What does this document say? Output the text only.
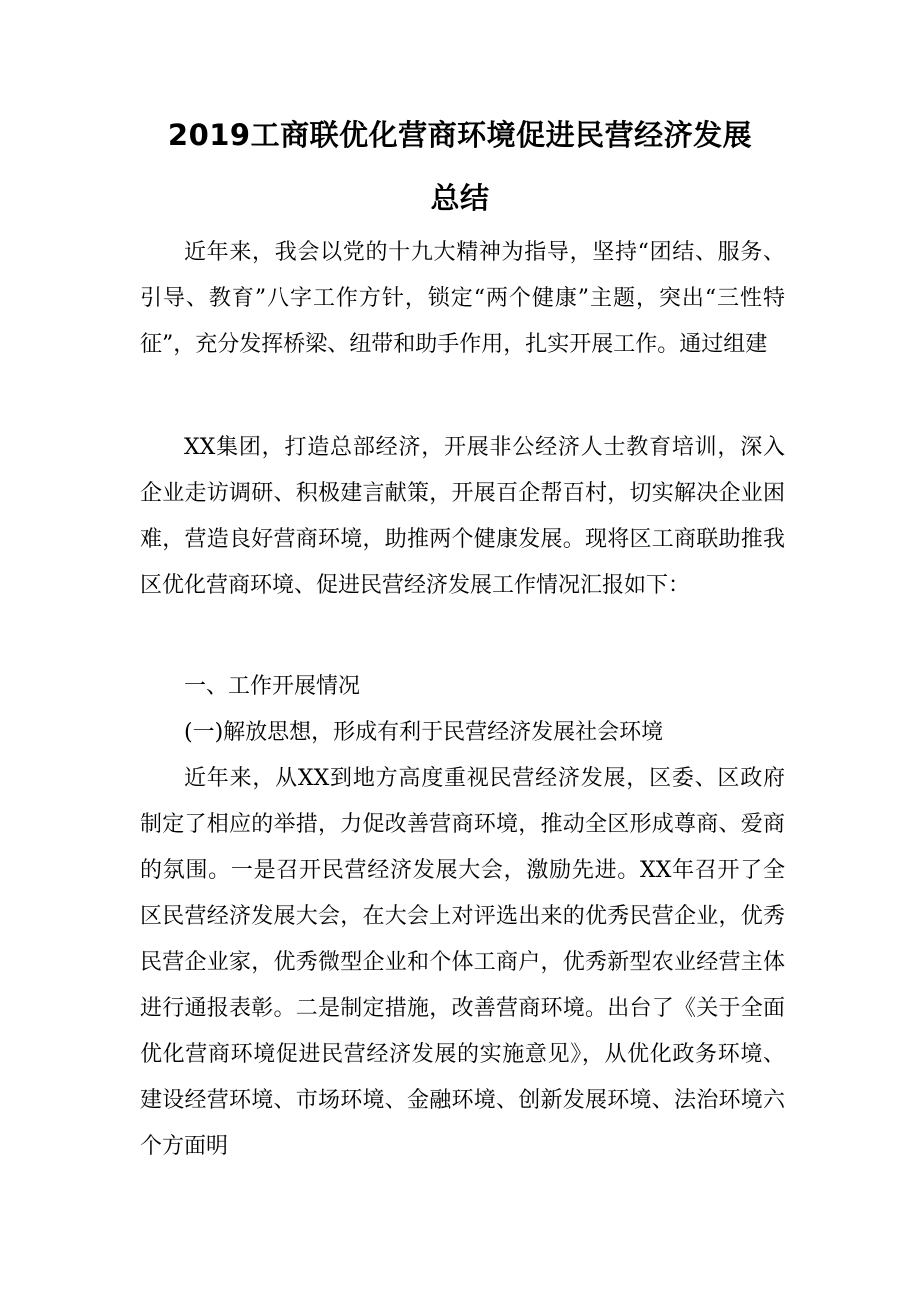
2019工商联优化营商环境促进民营经济发展
总结

近年来，我会以党的十九大精神为指导，坚持“团结、服务、引导、教育”八字工作方针，锁定“两个健康”主题，突出“三性特征”，充分发挥桥梁、纽带和助手作用，扎实开展工作。通过组建

XX集团，打造总部经济，开展非公经济人士教育培训，深入企业走访调研、积极建言献策，开展百企帮百村，切实解决企业困难，营造良好营商环境，助推两个健康发展。现将区工商联助推我区优化营商环境、促进民营经济发展工作情况汇报如下：

一、工作开展情况

(一)解放思想，形成有利于民营经济发展社会环境

近年来，从XX到地方高度重视民营经济发展，区委、区政府制定了相应的举措，力促改善营商环境，推动全区形成尊商、爱商的氛围。一是召开民营经济发展大会，激励先进。XX年召开了全区民营经济发展大会，在大会上对评选出来的优秀民营企业，优秀民营企业家，优秀微型企业和个体工商户，优秀新型农业经营主体进行通报表彰。二是制定措施，改善营商环境。出台了《关于全面优化营商环境促进民营经济发展的实施意见》，从优化政务环境、建设经营环境、市场环境、金融环境、创新发展环境、法治环境六个方面明
